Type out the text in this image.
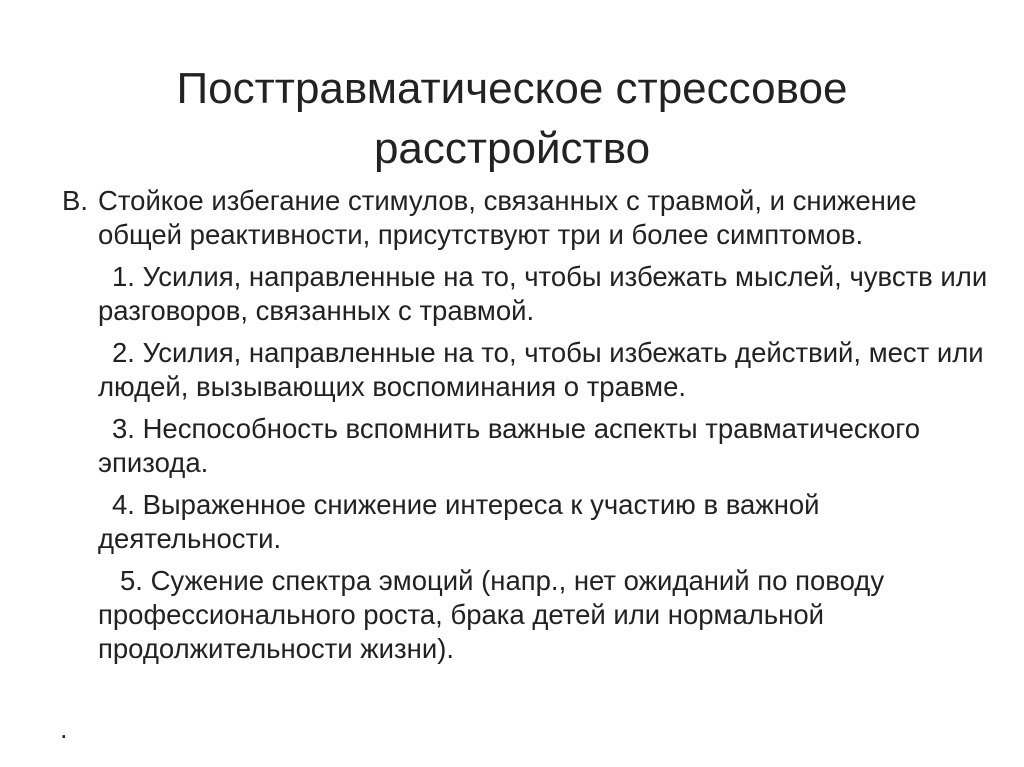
Посттравматическое стрессовое
расстройство

В. Стойкое избегание стимулов, связанных с травмой, и снижение общей реактивности, присутствуют три и более симптомов.

1. Усилия, направленные на то, чтобы избежать мыслей, чувств или разговоров, связанных с травмой.

2. Усилия, направленные на то, чтобы избежать действий, мест или людей, вызывающих воспоминания о травме.

3. Неспособность вспомнить важные аспекты травматического эпизода.

4. Выраженное снижение интереса к участию в важной деятельности.

5. Сужение спектра эмоций (напр., нет ожиданий по поводу профессионального роста, брака детей или нормальной продолжительности жизни).

.
